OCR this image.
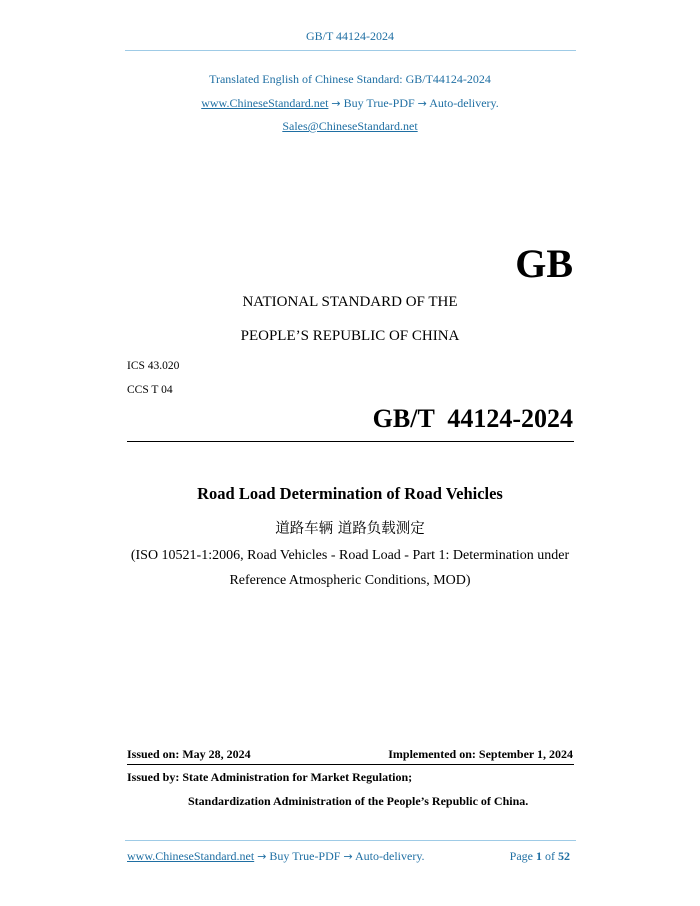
GB/T 44124-2024
Translated English of Chinese Standard: GB/T44124-2024
www.ChineseStandard.net → Buy True-PDF → Auto-delivery.
Sales@ChineseStandard.net
GB
NATIONAL STANDARD OF THE
PEOPLE’S REPUBLIC OF CHINA
ICS 43.020
CCS T 04
GB/T  44124-2024
Road Load Determination of Road Vehicles
道路车辆 道路负载测定
(ISO 10521-1:2006, Road Vehicles - Road Load - Part 1: Determination under
Reference Atmospheric Conditions, MOD)
Issued on: May 28, 2024	Implemented on: September 1, 2024
Issued by: State Administration for Market Regulation;
Standardization Administration of the People’s Republic of China.
www.ChineseStandard.net → Buy True-PDF → Auto-delivery.	Page 1 of 52
